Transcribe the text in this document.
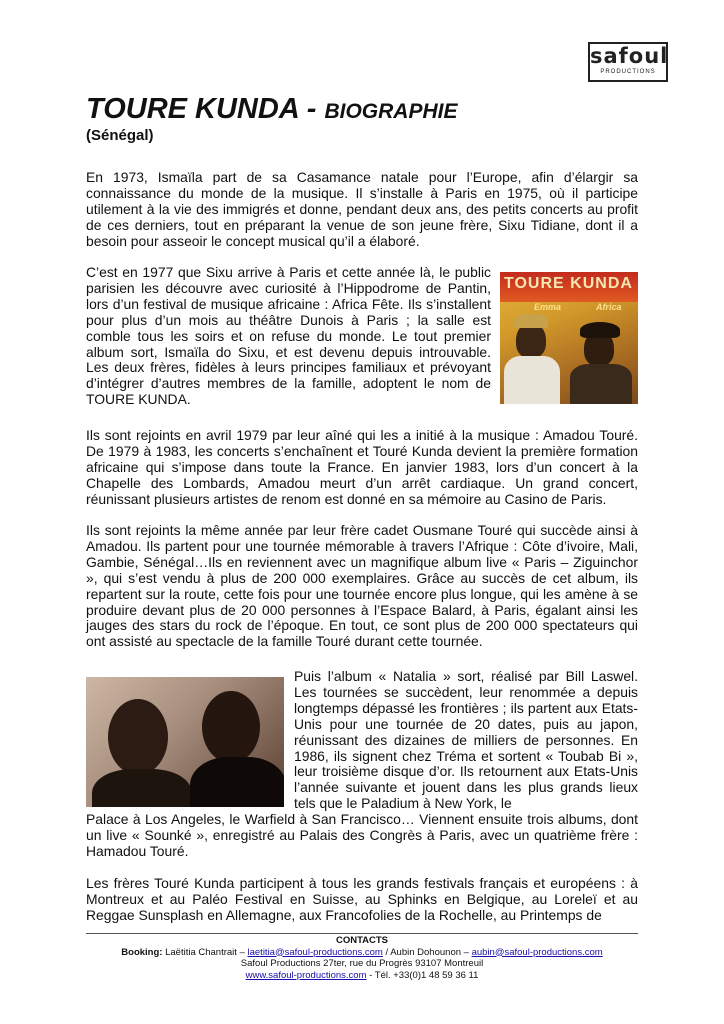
safoul
PRODUCTIONS
TOURE KUNDA - BIOGRAPHIE
(Sénégal)

En 1973, Ismaïla part de sa Casamance natale pour l’Europe, afin d’élargir sa connaissance du monde de la musique. Il s’installe à Paris en 1975, où il participe utilement à la vie des immigrés et donne, pendant deux ans, des petits concerts au profit de ces derniers, tout en préparant la venue de son jeune frère, Sixu Tidiane, dont il a besoin pour asseoir le concept musical qu’il a élaboré.

C’est en 1977 que Sixu arrive à Paris et cette année là, le public parisien les découvre avec curiosité à l’Hippodrome de Pantin, lors d’un festival de musique africaine : Africa Fête. Ils s’installent pour plus d’un mois au théâtre Dunois à Paris ; la salle est comble tous les soirs et on refuse du monde. Le tout premier album sort, Ismaïla do Sixu, et est devenu depuis introuvable. Les deux frères, fidèles à leurs principes familiaux et prévoyant d’intégrer d’autres membres de la famille, adoptent le nom de TOURE KUNDA.

Ils sont rejoints en avril 1979 par leur aîné qui les a initié à la musique : Amadou Touré. De 1979 à 1983, les concerts s’enchaînent et Touré Kunda devient la première formation africaine qui s’impose dans toute la France. En janvier 1983, lors d’un concert à la Chapelle des Lombards, Amadou meurt d’un arrêt cardiaque. Un grand concert, réunissant plusieurs artistes de renom est donné en sa mémoire au Casino de Paris.

Ils sont rejoints la même année par leur frère cadet Ousmane Touré qui succède ainsi à Amadou. Ils partent pour une tournée mémorable à travers l’Afrique : Côte d’ivoire, Mali, Gambie, Sénégal…Ils en reviennent avec un magnifique album live « Paris – Ziguinchor », qui s’est vendu à plus de 200 000 exemplaires. Grâce au succès de cet album, ils repartent sur la route, cette fois pour une tournée encore plus longue, qui les amène à se produire devant plus de 20 000 personnes à l’Espace Balard, à Paris, égalant ainsi les jauges des stars du rock de l’époque. En tout, ce sont plus de 200 000 spectateurs qui ont assisté au spectacle de la famille Touré durant cette tournée.

Puis l’album « Natalia » sort, réalisé par Bill Laswel. Les tournées se succèdent, leur renommée a depuis longtemps dépassé les frontières ; ils partent aux Etats-Unis pour une tournée de 20 dates, puis au japon, réunissant des dizaines de milliers de personnes. En 1986, ils signent chez Tréma et sortent « Toubab Bi », leur troisième disque d’or. Ils retournent aux Etats-Unis l’année suivante et jouent dans les plus grands lieux tels que le Paladium à New York, le

Palace à Los Angeles, le Warfield à San Francisco… Viennent ensuite trois albums, dont un live « Sounké », enregistré au Palais des Congrès à Paris, avec un quatrième frère : Hamadou Touré.

Les frères Touré Kunda participent à tous les grands festivals français et européens : à Montreux et au Paléo Festival en Suisse, au Sphinks en Belgique, au Loreleï et au Reggae Sunsplash en Allemagne, aux Francofolies de la Rochelle, au Printemps de

TOURE KUNDA
Emma	Africa
CONTACTS
Booking: Laëtitia Chantrait – laetitia@safoul-productions.com / Aubin Dohounon – aubin@safoul-productions.com
Safoul Productions 27ter, rue du Progrès 93107 Montreuil
www.safoul-productions.com - Tél. +33(0)1 48 59 36 11
